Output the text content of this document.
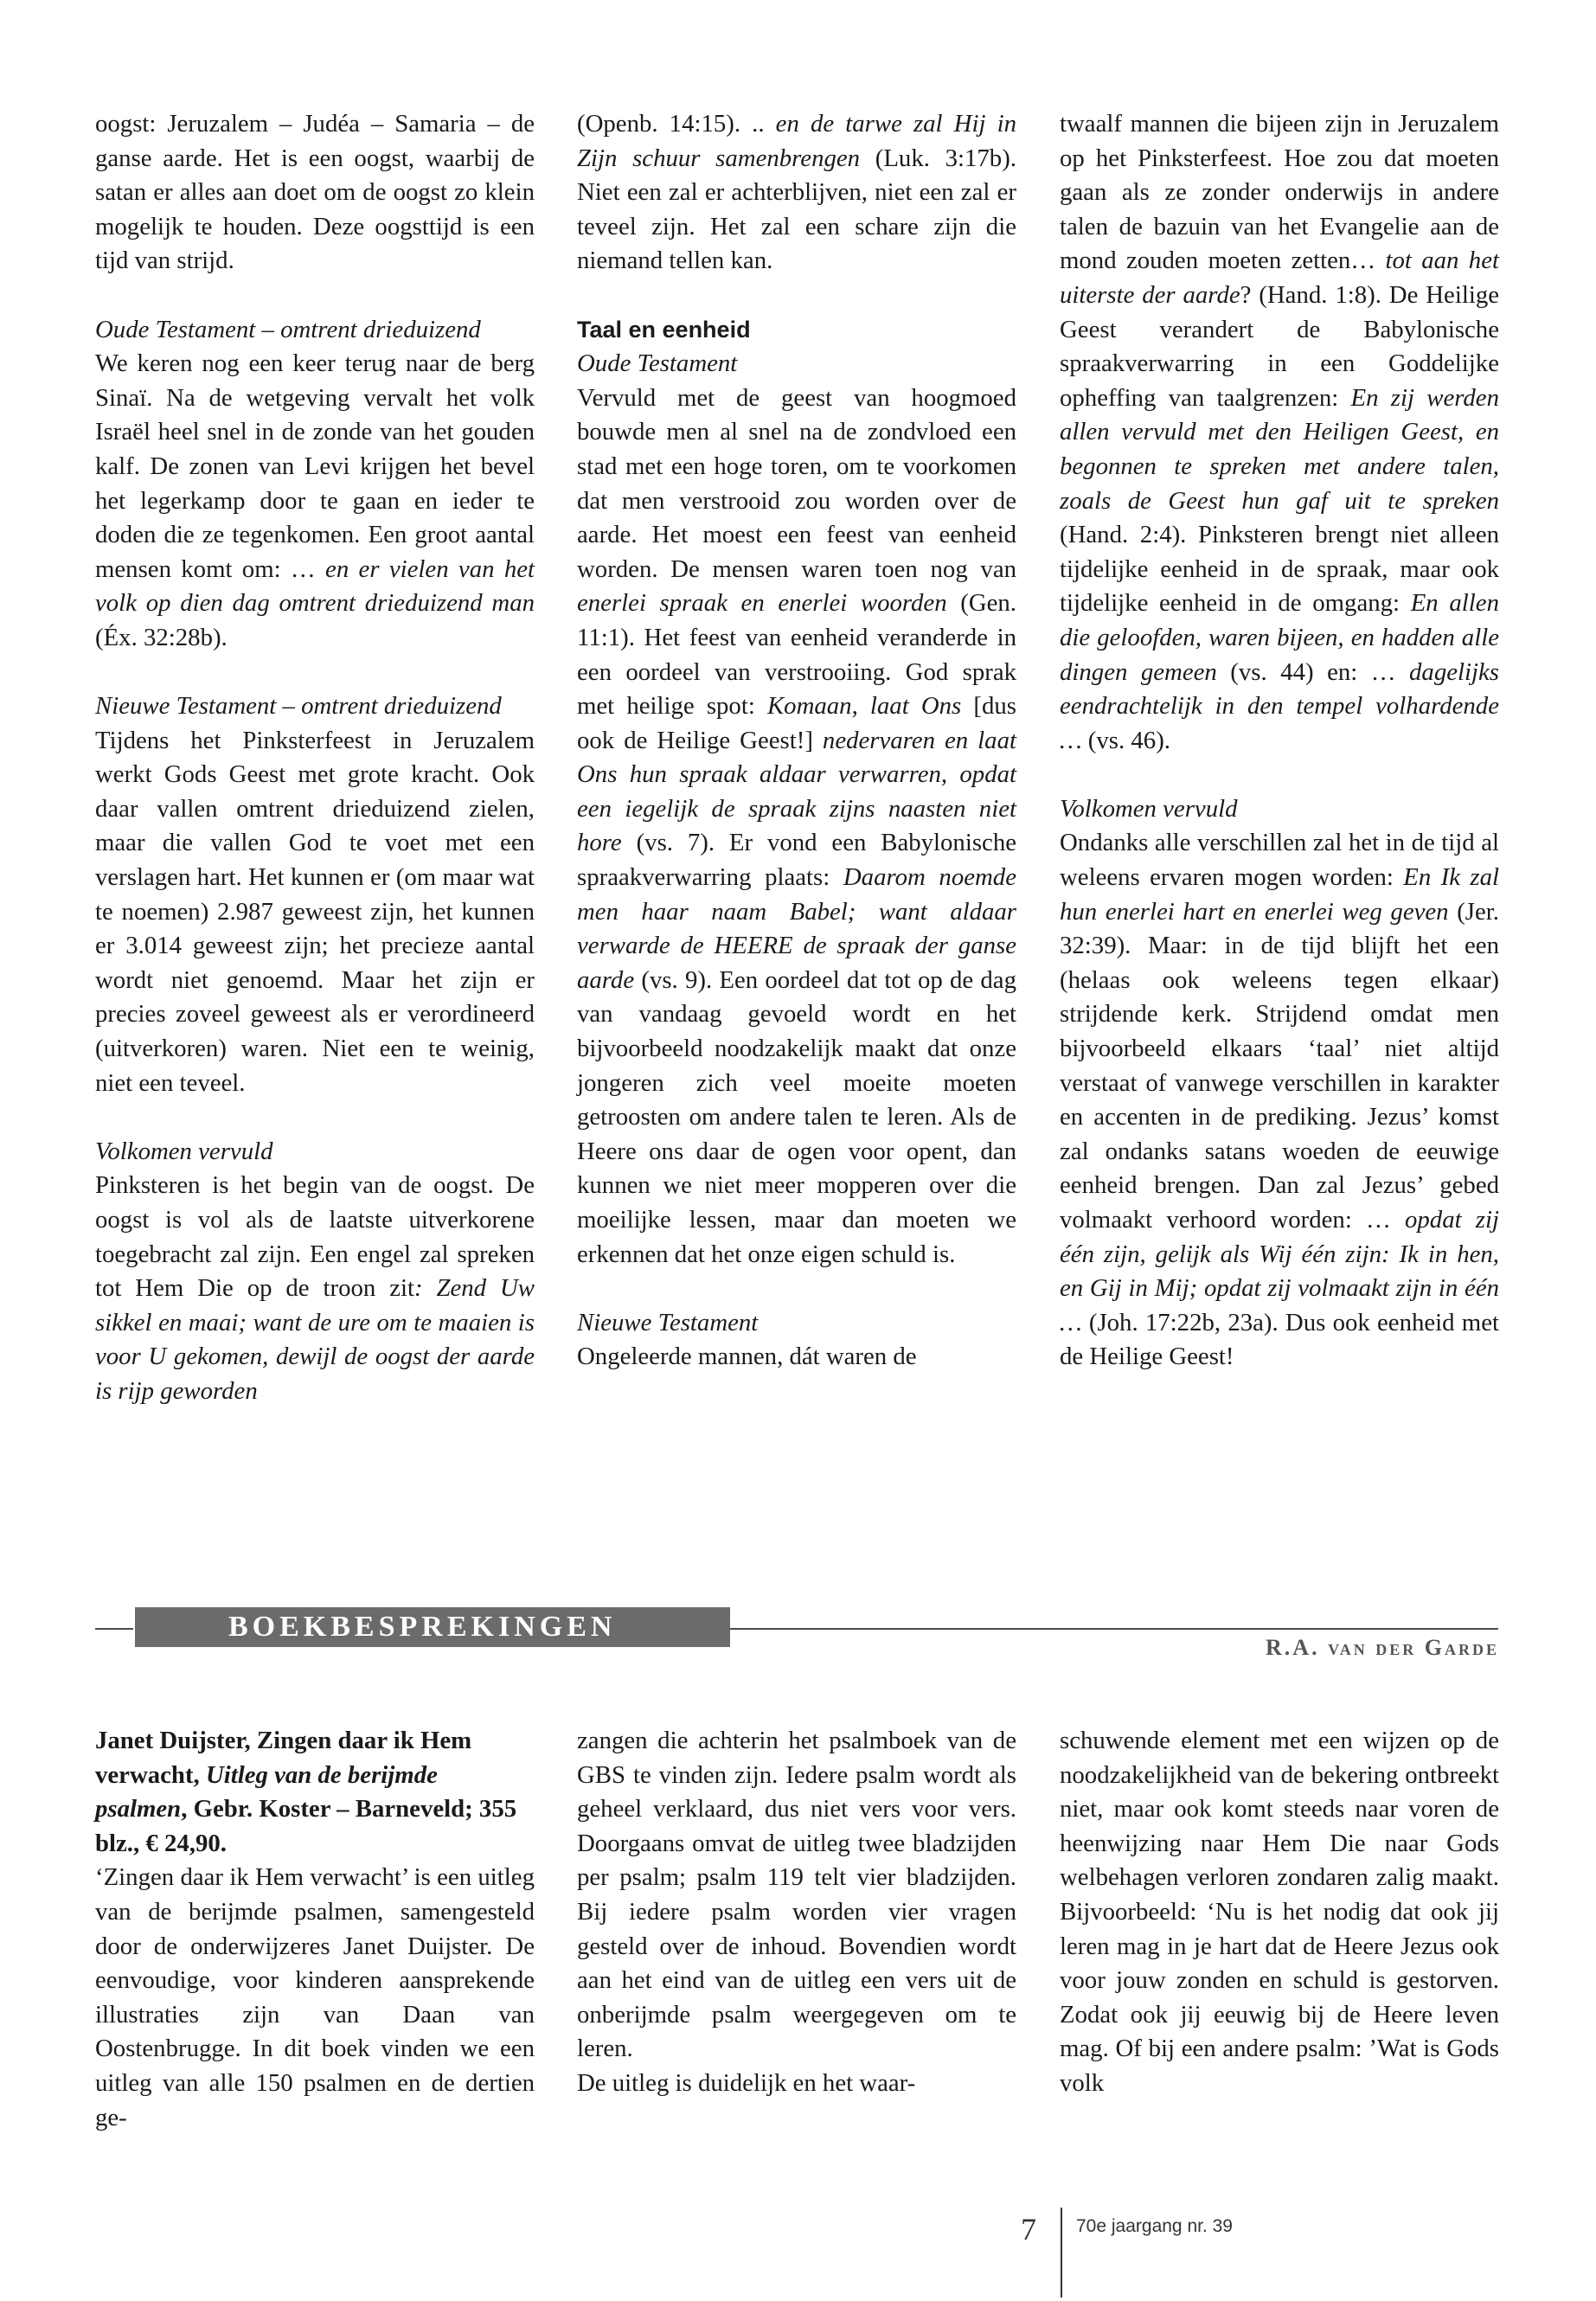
oogst: Jeruzalem – Judéa – Samaria – de ganse aarde. Het is een oogst, waarbij de satan er alles aan doet om de oogst zo klein mogelijk te houden. Deze oogsttijd is een tijd van strijd.

Oude Testament – omtrent drieduizend

We keren nog een keer terug naar de berg Sinaï. Na de wetgeving vervalt het volk Israël heel snel in de zonde van het gouden kalf. De zonen van Levi krijgen het bevel het legerkamp door te gaan en ieder te doden die ze tegenkomen. Een groot aantal mensen komt om: … en er vielen van het volk op dien dag omtrent drieduizend man (Éx. 32:28b).

Nieuwe Testament – omtrent drieduizend

Tijdens het Pinksterfeest in Jeruzalem werkt Gods Geest met grote kracht. Ook daar vallen omtrent drieduizend zielen, maar die vallen God te voet met een verslagen hart. Het kunnen er (om maar wat te noemen) 2.987 geweest zijn, het kunnen er 3.014 geweest zijn; het precieze aantal wordt niet genoemd. Maar het zijn er precies zoveel geweest als er verordineerd (uitverkoren) waren. Niet een te weinig, niet een teveel.

Volkomen vervuld

Pinksteren is het begin van de oogst. De oogst is vol als de laatste uitverkorene toegebracht zal zijn. Een engel zal spreken tot Hem Die op de troon zit: Zend Uw sikkel en maai; want de ure om te maaien is voor U gekomen, dewijl de oogst der aarde is rijp geworden

(Openb. 14:15). .. en de tarwe zal Hij in Zijn schuur samenbrengen (Luk. 3:17b). Niet een zal er achterblijven, niet een zal er teveel zijn. Het zal een schare zijn die niemand tellen kan.

Taal en eenheid

Oude Testament

Vervuld met de geest van hoogmoed bouwde men al snel na de zondvloed een stad met een hoge toren, om te voorkomen dat men verstrooid zou worden over de aarde. Het moest een feest van eenheid worden. De mensen waren toen nog van enerlei spraak en enerlei woorden (Gen. 11:1). Het feest van eenheid veranderde in een oordeel van verstrooiing. God sprak met heilige spot: Komaan, laat Ons [dus ook de Heilige Geest!] nedervaren en laat Ons hun spraak aldaar verwarren, opdat een iegelijk de spraak zijns naasten niet hore (vs. 7). Er vond een Babylonische spraakverwarring plaats: Daarom noemde men haar naam Babel; want aldaar verwarde de HEERE de spraak der ganse aarde (vs. 9). Een oordeel dat tot op de dag van vandaag gevoeld wordt en het bijvoorbeeld noodzakelijk maakt dat onze jongeren zich veel moeite moeten getroosten om andere talen te leren. Als de Heere ons daar de ogen voor opent, dan kunnen we niet meer mopperen over die moeilijke lessen, maar dan moeten we erkennen dat het onze eigen schuld is.

Nieuwe Testament

Ongeleerde mannen, dát waren de

twaalf mannen die bijeen zijn in Jeruzalem op het Pinksterfeest. Hoe zou dat moeten gaan als ze zonder onderwijs in andere talen de bazuin van het Evangelie aan de mond zouden moeten zetten… tot aan het uiterste der aarde? (Hand. 1:8). De Heilige Geest verandert de Babylonische spraakverwarring in een Goddelijke opheffing van taalgrenzen: En zij werden allen vervuld met den Heiligen Geest, en begonnen te spreken met andere talen, zoals de Geest hun gaf uit te spreken (Hand. 2:4). Pinksteren brengt niet alleen tijdelijke eenheid in de spraak, maar ook tijdelijke eenheid in de omgang: En allen die geloofden, waren bijeen, en hadden alle dingen gemeen (vs. 44) en: … dagelijks eendrachtelijk in den tempel volhardende … (vs. 46).

Volkomen vervuld

Ondanks alle verschillen zal het in de tijd al weleens ervaren mogen worden: En Ik zal hun enerlei hart en enerlei weg geven (Jer. 32:39). Maar: in de tijd blijft het een (helaas ook weleens tegen elkaar) strijdende kerk. Strijdend omdat men bijvoorbeeld elkaars ‘taal’ niet altijd verstaat of vanwege verschillen in karakter en accenten in de prediking. Jezus’ komst zal ondanks satans woeden de eeuwige eenheid brengen. Dan zal Jezus’ gebed volmaakt verhoord worden: … opdat zij één zijn, gelijk als Wij één zijn: Ik in hen, en Gij in Mij; opdat zij volmaakt zijn in één … (Joh. 17:22b, 23a). Dus ook eenheid met de Heilige Geest!

BOEKBESPREKINGEN
R.A. van der Garde

Janet Duijster, Zingen daar ik Hem verwacht, Uitleg van de berijmde psalmen, Gebr. Koster – Barneveld; 355 blz., € 24,90.

‘Zingen daar ik Hem verwacht’ is een uitleg van de berijmde psalmen, samengesteld door de onderwijzeres Janet Duijster. De eenvoudige, voor kinderen aansprekende illustraties zijn van Daan van Oostenbrugge. In dit boek vinden we een uitleg van alle 150 psalmen en de dertien ge-

zangen die achterin het psalmboek van de GBS te vinden zijn. Iedere psalm wordt als geheel verklaard, dus niet vers voor vers. Doorgaans omvat de uitleg twee bladzijden per psalm; psalm 119 telt vier bladzijden. Bij iedere psalm worden vier vragen gesteld over de inhoud. Bovendien wordt aan het eind van de uitleg een vers uit de onberijmde psalm weergegeven om te leren.

De uitleg is duidelijk en het waar-

schuwende element met een wijzen op de noodzakelijkheid van de bekering ontbreekt niet, maar ook komt steeds naar voren de heenwijzing naar Hem Die naar Gods welbehagen verloren zondaren zalig maakt. Bijvoorbeeld: ‘Nu is het nodig dat ook jij leren mag in je hart dat de Heere Jezus ook voor jouw zonden en schuld is gestorven. Zodat ook jij eeuwig bij de Heere leven mag. Of bij een andere psalm: ’Wat is Gods volk

7 70e jaargang nr. 39
